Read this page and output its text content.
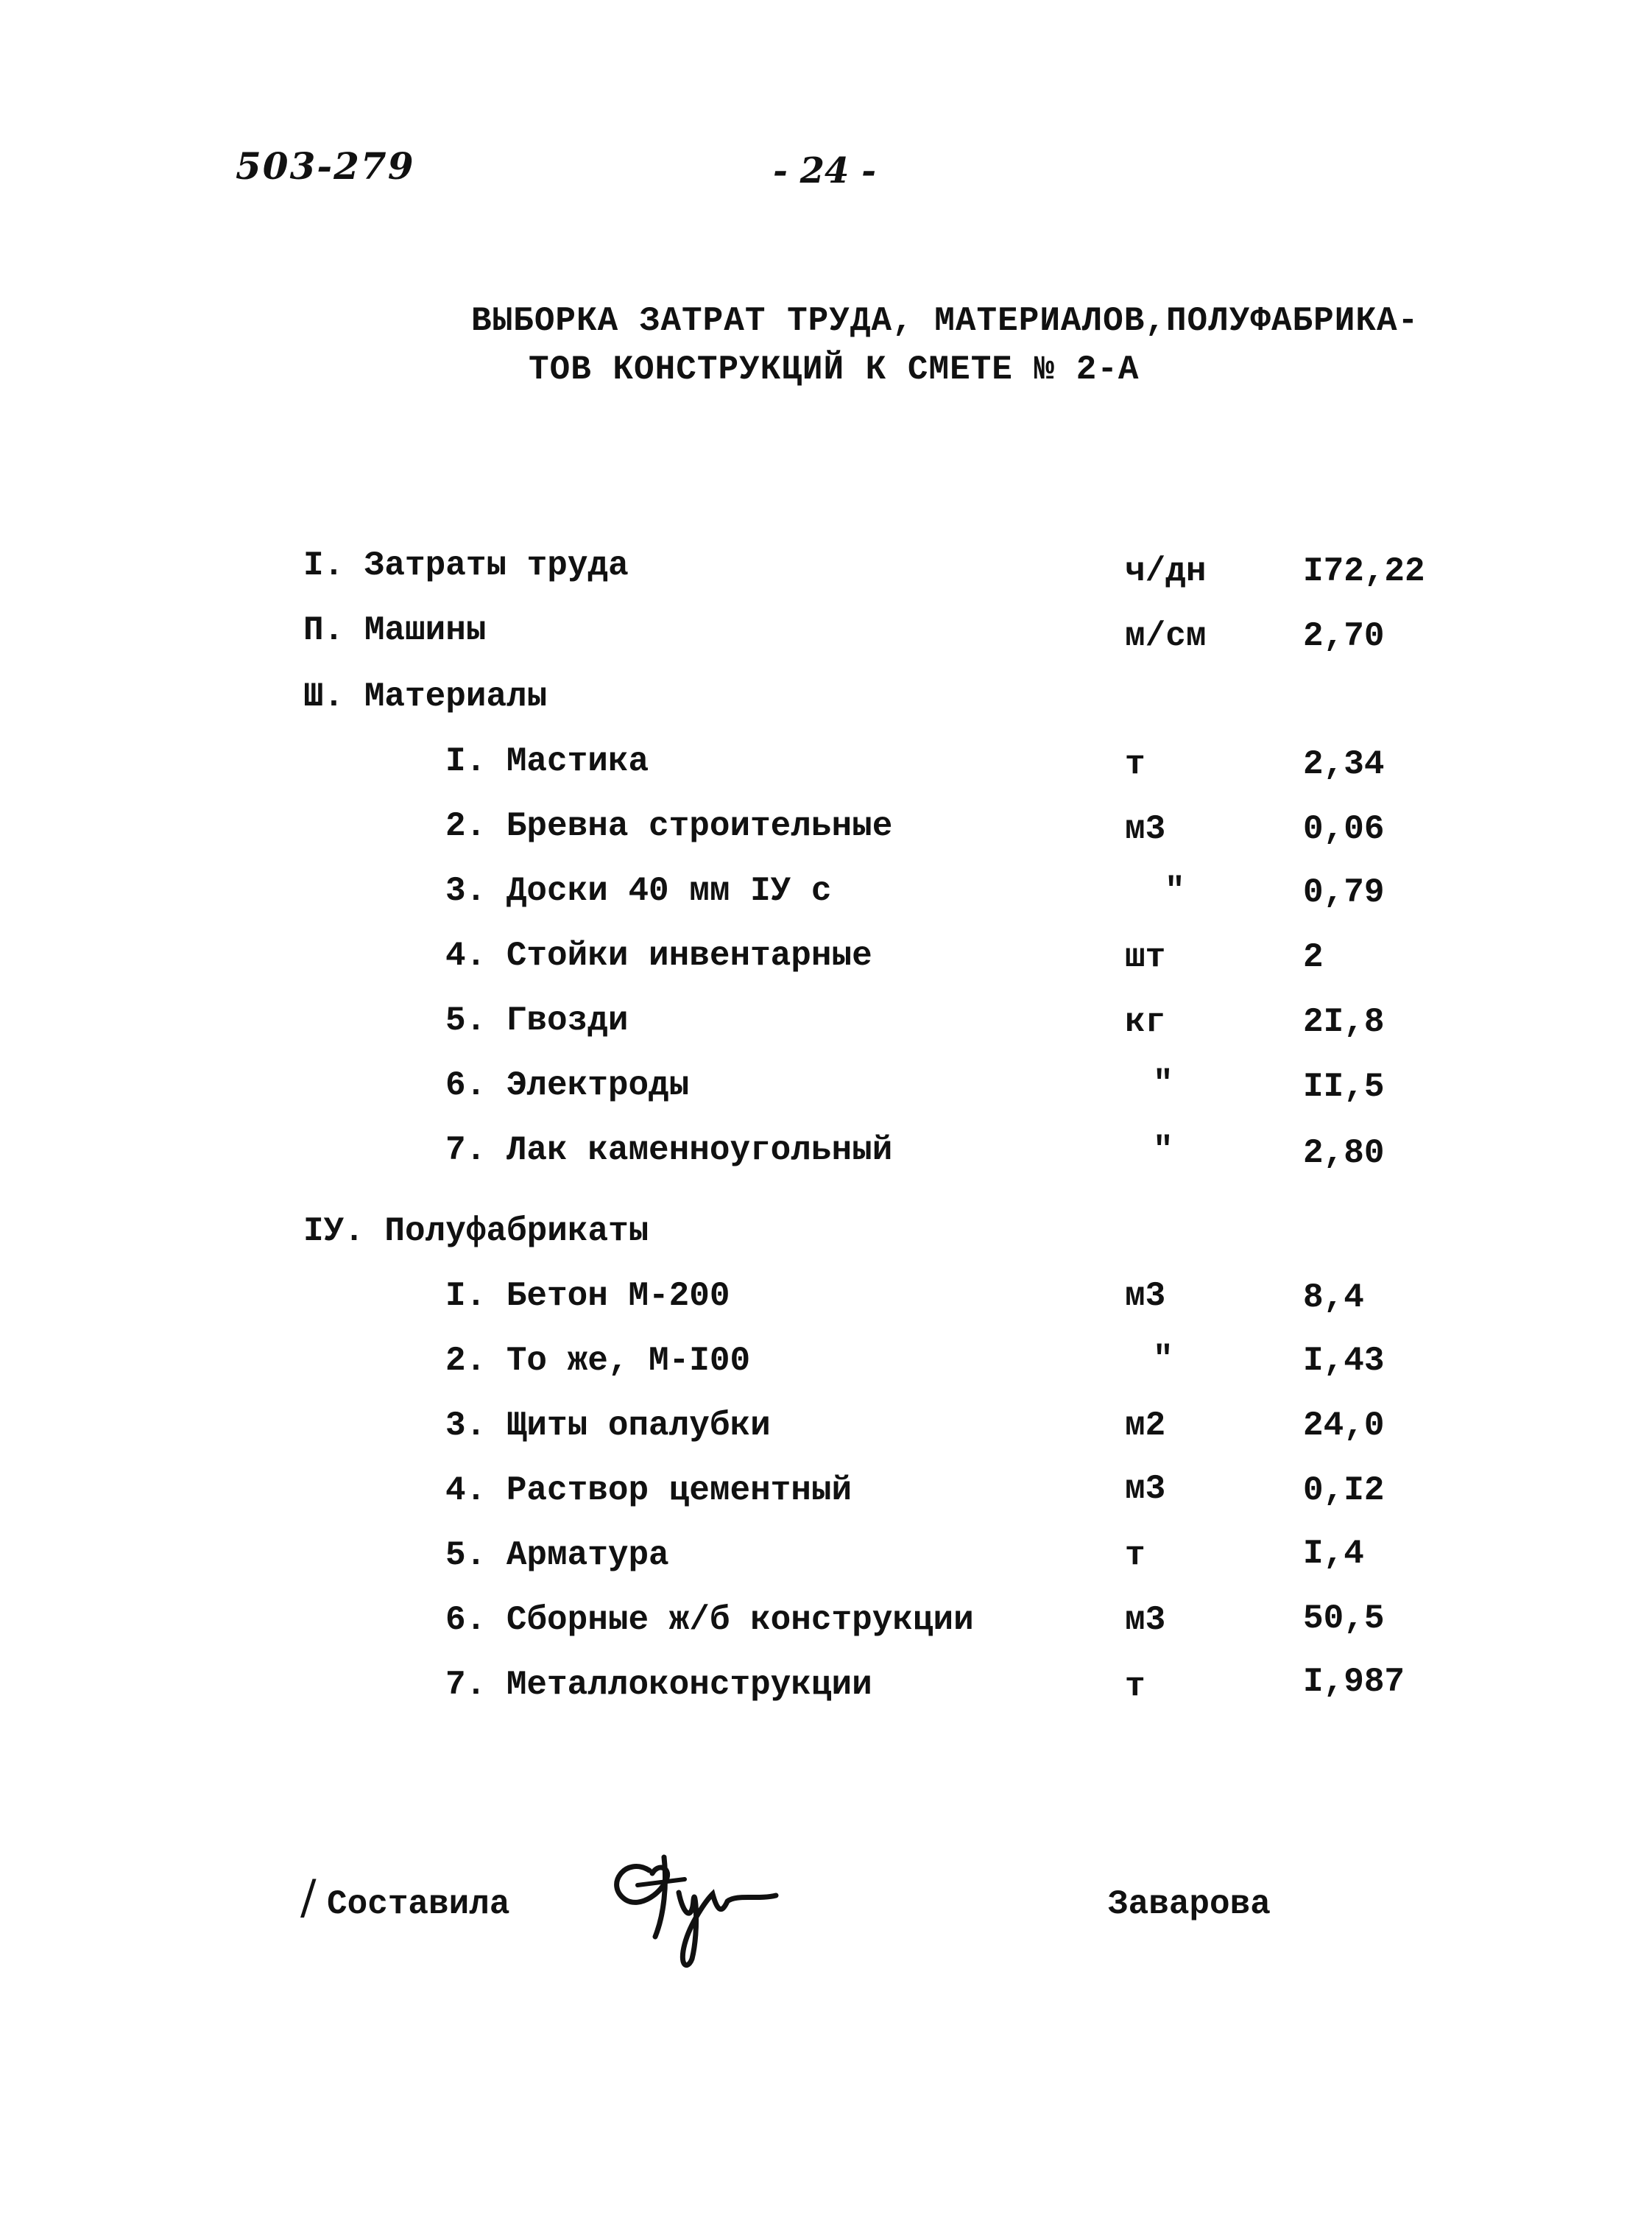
503-279	- 24 -
ВЫБОРКА ЗАТРАТ ТРУДА, МАТЕРИАЛОВ,ПОЛУФАБРИКА-
ТОВ КОНСТРУКЦИЙ К СМЕТЕ № 2-А
I. Затраты труда	ч/дн	I72,22
П. Машины	м/см	2,70
Ш. Материалы
I. Мастика	т	2,34
2. Бревна строительные	м3	0,06
3. Доски 40 мм IУ с	"	0,79
4. Стойки инвентарные	шт	2
5. Гвозди	кг	2I,8
6. Электроды	"	II,5
7. Лак каменноугольный	"	2,80
IУ. Полуфабрикаты
I. Бетон М-200	м3	8,4
2. То же, М-I00	"	I,43
3. Щиты опалубки	м2	24,0
4. Раствор цементный	м3	0,I2
5. Арматура	т	I,4
6. Сборные ж/б конструкции	м3	50,5
7. Металлоконструкции	т	I,987
/ Составила	Заварова
